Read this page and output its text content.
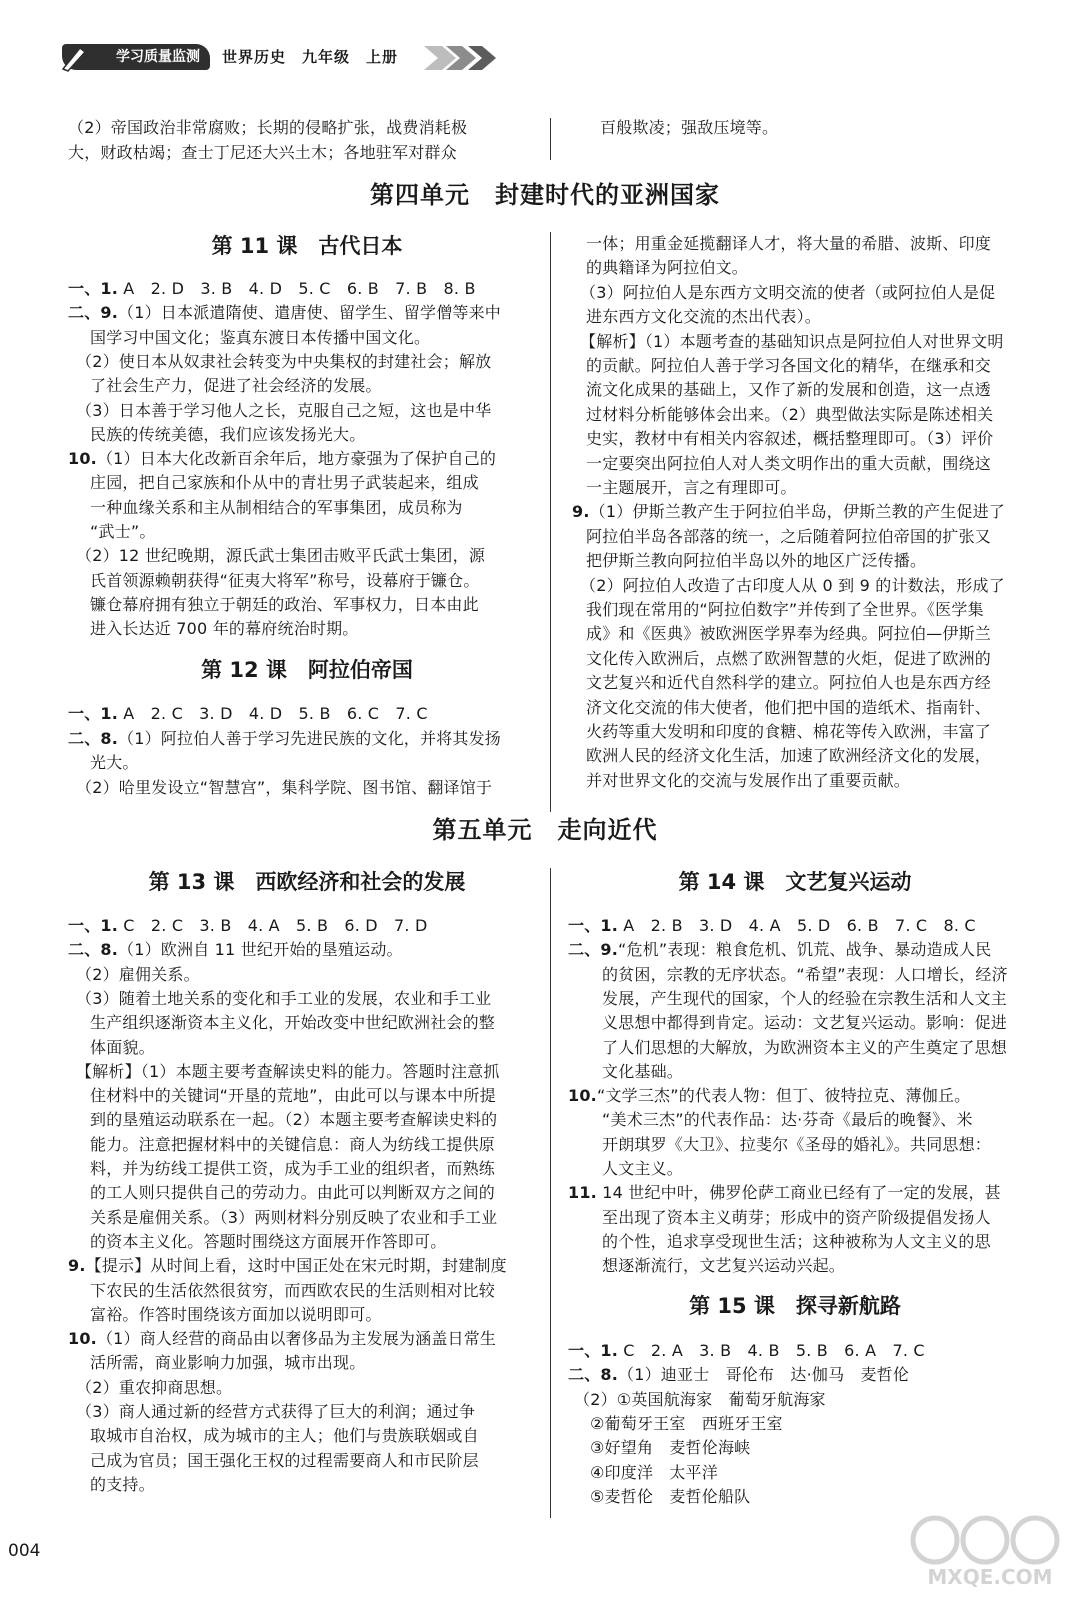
学习质量监测	世界历史　九年级　上册
（2）帝国政治非常腐败；长期的侵略扩张，战费消耗极
大，财政枯竭；查士丁尼还大兴土木；各地驻军对群众
百般欺凌；强敌压境等。
第四单元　封建时代的亚洲国家
第 11 课　古代日本
一、1. A　2. D　3. B　4. D　5. C　6. B　7. B　8. B
二、9.（1）日本派遣隋使、遣唐使、留学生、留学僧等来中
国学习中国文化；鉴真东渡日本传播中国文化。
（2）使日本从奴隶社会转变为中央集权的封建社会；解放
了社会生产力，促进了社会经济的发展。
（3）日本善于学习他人之长，克服自己之短，这也是中华
民族的传统美德，我们应该发扬光大。
10.（1）日本大化改新百余年后，地方豪强为了保护自己的
庄园，把自己家族和仆从中的青壮男子武装起来，组成
一种血缘关系和主从制相结合的军事集团，成员称为
“武士”。
（2）12 世纪晚期，源氏武士集团击败平氏武士集团，源
氏首领源赖朝获得“征夷大将军”称号，设幕府于镰仓。
镰仓幕府拥有独立于朝廷的政治、军事权力，日本由此
进入长达近 700 年的幕府统治时期。
第 12 课　阿拉伯帝国
一、1. A　2. C　3. D　4. D　5. B　6. C　7. C
二、8.（1）阿拉伯人善于学习先进民族的文化，并将其发扬
光大。
（2）哈里发设立“智慧宫”，集科学院、图书馆、翻译馆于
一体；用重金延揽翻译人才，将大量的希腊、波斯、印度
的典籍译为阿拉伯文。
（3）阿拉伯人是东西方文明交流的使者（或阿拉伯人是促
进东西方文化交流的杰出代表）。
【解析】（1）本题考查的基础知识点是阿拉伯人对世界文明
的贡献。阿拉伯人善于学习各国文化的精华，在继承和交
流文化成果的基础上，又作了新的发展和创造，这一点透
过材料分析能够体会出来。（2）典型做法实际是陈述相关
史实，教材中有相关内容叙述，概括整理即可。（3）评价
一定要突出阿拉伯人对人类文明作出的重大贡献，围绕这
一主题展开，言之有理即可。
9.（1）伊斯兰教产生于阿拉伯半岛，伊斯兰教的产生促进了
阿拉伯半岛各部落的统一，之后随着阿拉伯帝国的扩张又
把伊斯兰教向阿拉伯半岛以外的地区广泛传播。
（2）阿拉伯人改造了古印度人从 0 到 9 的计数法，形成了
我们现在常用的“阿拉伯数字”并传到了全世界。《医学集
成》和《医典》被欧洲医学界奉为经典。阿拉伯—伊斯兰
文化传入欧洲后，点燃了欧洲智慧的火炬，促进了欧洲的
文艺复兴和近代自然科学的建立。阿拉伯人也是东西方经
济文化交流的伟大使者，他们把中国的造纸术、指南针、
火药等重大发明和印度的食糖、棉花等传入欧洲，丰富了
欧洲人民的经济文化生活，加速了欧洲经济文化的发展，
并对世界文化的交流与发展作出了重要贡献。
第五单元　走向近代
第 13 课　西欧经济和社会的发展
一、1. C　2. C　3. B　4. A　5. B　6. D　7. D
二、8.（1）欧洲自 11 世纪开始的垦殖运动。
（2）雇佣关系。
（3）随着土地关系的变化和手工业的发展，农业和手工业
生产组织逐渐资本主义化，开始改变中世纪欧洲社会的整
体面貌。
【解析】（1）本题主要考查解读史料的能力。答题时注意抓
住材料中的关键词“开垦的荒地”，由此可以与课本中所提
到的垦殖运动联系在一起。（2）本题主要考查解读史料的
能力。注意把握材料中的关键信息：商人为纺线工提供原
料，并为纺线工提供工资，成为手工业的组织者，而熟练
的工人则只提供自己的劳动力。由此可以判断双方之间的
关系是雇佣关系。（3）两则材料分别反映了农业和手工业
的资本主义化。答题时围绕这方面展开作答即可。
9.【提示】从时间上看，这时中国正处在宋元时期，封建制度
下农民的生活依然很贫穷，而西欧农民的生活则相对比较
富裕。作答时围绕该方面加以说明即可。
10.（1）商人经营的商品由以奢侈品为主发展为涵盖日常生
活所需，商业影响力加强，城市出现。
（2）重农抑商思想。
（3）商人通过新的经营方式获得了巨大的利润；通过争
取城市自治权，成为城市的主人；他们与贵族联姻或自
己成为官员；国王强化王权的过程需要商人和市民阶层
的支持。
第 14 课　文艺复兴运动
一、1. A　2. B　3. D　4. A　5. D　6. B　7. C　8. C
二、9.“危机”表现：粮食危机、饥荒、战争、暴动造成人民
的贫困，宗教的无序状态。“希望”表现：人口增长，经济
发展，产生现代的国家，个人的经验在宗教生活和人文主
义思想中都得到肯定。运动：文艺复兴运动。影响：促进
了人们思想的大解放，为欧洲资本主义的产生奠定了思想
文化基础。
10.“文学三杰”的代表人物：但丁、彼特拉克、薄伽丘。
“美术三杰”的代表作品：达·芬奇《最后的晚餐》、米
开朗琪罗《大卫》、拉斐尔《圣母的婚礼》。共同思想：
人文主义。
11. 14 世纪中叶，佛罗伦萨工商业已经有了一定的发展，甚
至出现了资本主义萌芽；形成中的资产阶级提倡发扬人
的个性，追求享受现世生活；这种被称为人文主义的思
想逐渐流行，文艺复兴运动兴起。
第 15 课　探寻新航路
一、1. C　2. A　3. B　4. B　5. B　6. A　7. C
二、8.（1）迪亚士　哥伦布　达·伽马　麦哲伦
（2）①英国航海家　葡萄牙航海家
②葡萄牙王室　西班牙王室
③好望角　麦哲伦海峡
④印度洋　太平洋
⑤麦哲伦　麦哲伦船队
004
MXQE.COM
